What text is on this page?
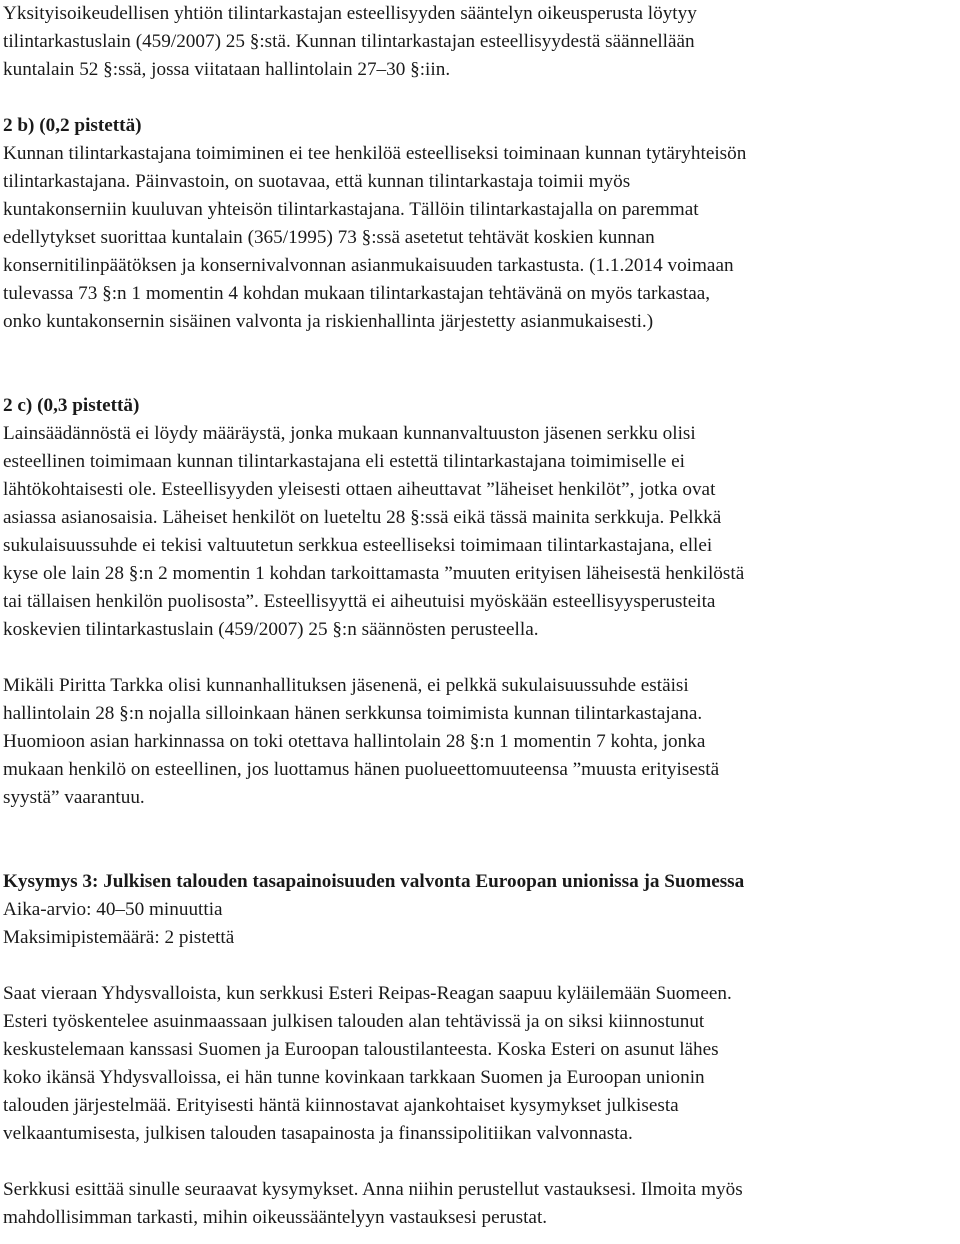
Yksityisoikeudellisen yhtiön tilintarkastajan esteellisyyden sääntelyn oikeusperusta löytyy
tilintarkastuslain (459/2007) 25 §:stä. Kunnan tilintarkastajan esteellisyydestä säännellään
kuntalain 52 §:ssä, jossa viitataan hallintolain 27–30 §:iin.
2 b) (0,2 pistettä)
Kunnan tilintarkastajana toimiminen ei tee henkilöä esteelliseksi toiminaan kunnan tytäryhteisön
tilintarkastajana. Päinvastoin, on suotavaa, että kunnan tilintarkastaja toimii myös
kuntakonserniin kuuluvan yhteisön tilintarkastajana. Tällöin tilintarkastajalla on paremmat
edellytykset suorittaa kuntalain (365/1995) 73 §:ssä asetetut tehtävät koskien kunnan
konsernitilinpäätöksen ja konsernivalvonnan asianmukaisuuden tarkastusta. (1.1.2014 voimaan
tulevassa 73 §:n 1 momentin 4 kohdan mukaan tilintarkastajan tehtävänä on myös tarkastaa,
onko kuntakonsernin sisäinen valvonta ja riskienhallinta järjestetty asianmukaisesti.)
2 c) (0,3 pistettä)
Lainsäädännöstä ei löydy määräystä, jonka mukaan kunnanvaltuuston jäsenen serkku olisi
esteellinen toimimaan kunnan tilintarkastajana eli estettä tilintarkastajana toimimiselle ei
lähtökohtaisesti ole. Esteellisyyden yleisesti ottaen aiheuttavat ”läheiset henkilöt”, jotka ovat
asiassa asianosaisia. Läheiset henkilöt on lueteltu 28 §:ssä eikä tässä mainita serkkuja. Pelkkä
sukulaisuussuhde ei tekisi valtuutetun serkkua esteelliseksi toimimaan tilintarkastajana, ellei
kyse ole lain 28 §:n 2 momentin 1 kohdan tarkoittamasta ”muuten erityisen läheisestä henkilöstä
tai tällaisen henkilön puolisosta”. Esteellisyyttä ei aiheutuisi myöskään esteellisyysperusteita
koskevien tilintarkastuslain (459/2007) 25 §:n säännösten perusteella.
Mikäli Piritta Tarkka olisi kunnanhallituksen jäsenenä, ei pelkkä sukulaisuussuhde estäisi
hallintolain 28 §:n nojalla silloinkaan hänen serkkunsa toimimista kunnan tilintarkastajana.
Huomioon asian harkinnassa on toki otettava hallintolain 28 §:n 1 momentin 7 kohta, jonka
mukaan henkilö on esteellinen, jos luottamus hänen puolueettomuuteensa ”muusta erityisestä
syystä” vaarantuu.
Kysymys 3: Julkisen talouden tasapainoisuuden valvonta Euroopan unionissa ja Suomessa
Aika-arvio: 40–50 minuuttia
Maksimipistemäärä: 2 pistettä
Saat vieraan Yhdysvalloista, kun serkkusi Esteri Reipas-Reagan saapuu kyläilemään Suomeen.
Esteri työskentelee asuinmaassaan julkisen talouden alan tehtävissä ja on siksi kiinnostunut
keskustelemaan kanssasi Suomen ja Euroopan taloustilanteesta. Koska Esteri on asunut lähes
koko ikänsä Yhdysvalloissa, ei hän tunne kovinkaan tarkkaan Suomen ja Euroopan unionin
talouden järjestelmää. Erityisesti häntä kiinnostavat ajankohtaiset kysymykset julkisesta
velkaantumisesta, julkisen talouden tasapainosta ja finanssipolitiikan valvonnasta.
Serkkusi esittää sinulle seuraavat kysymykset. Anna niihin perustellut vastauksesi. Ilmoita myös
mahdollisimman tarkasti, mihin oikeussääntelyyn vastauksesi perustat.
